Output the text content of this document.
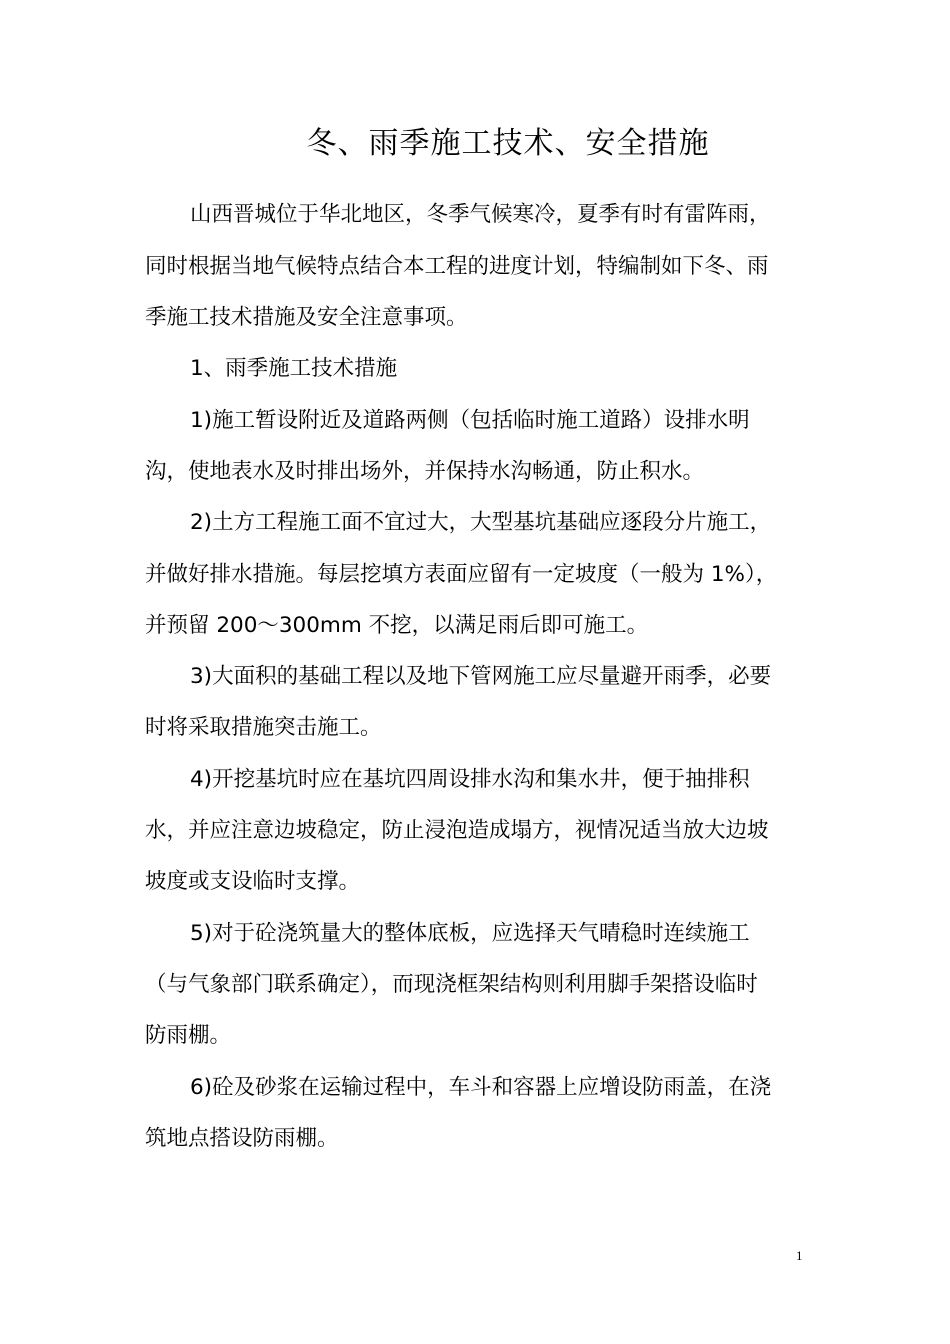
冬、雨季施工技术、安全措施
山西晋城位于华北地区，冬季气候寒冷，夏季有时有雷阵雨，
同时根据当地气候特点结合本工程的进度计划，特编制如下冬、雨
季施工技术措施及安全注意事项。
1、雨季施工技术措施
1)施工暂设附近及道路两侧（包括临时施工道路）设排水明
沟，使地表水及时排出场外，并保持水沟畅通，防止积水。
2)土方工程施工面不宜过大，大型基坑基础应逐段分片施工，
并做好排水措施。每层挖填方表面应留有一定坡度（一般为 1%），
并预留 200～300mm 不挖，以满足雨后即可施工。
3)大面积的基础工程以及地下管网施工应尽量避开雨季，必要
时将采取措施突击施工。
4)开挖基坑时应在基坑四周设排水沟和集水井，便于抽排积
水，并应注意边坡稳定，防止浸泡造成塌方，视情况适当放大边坡
坡度或支设临时支撑。
5)对于砼浇筑量大的整体底板，应选择天气晴稳时连续施工
（与气象部门联系确定），而现浇框架结构则利用脚手架搭设临时
防雨棚。
6)砼及砂浆在运输过程中，车斗和容器上应增设防雨盖，在浇
筑地点搭设防雨棚。
1
